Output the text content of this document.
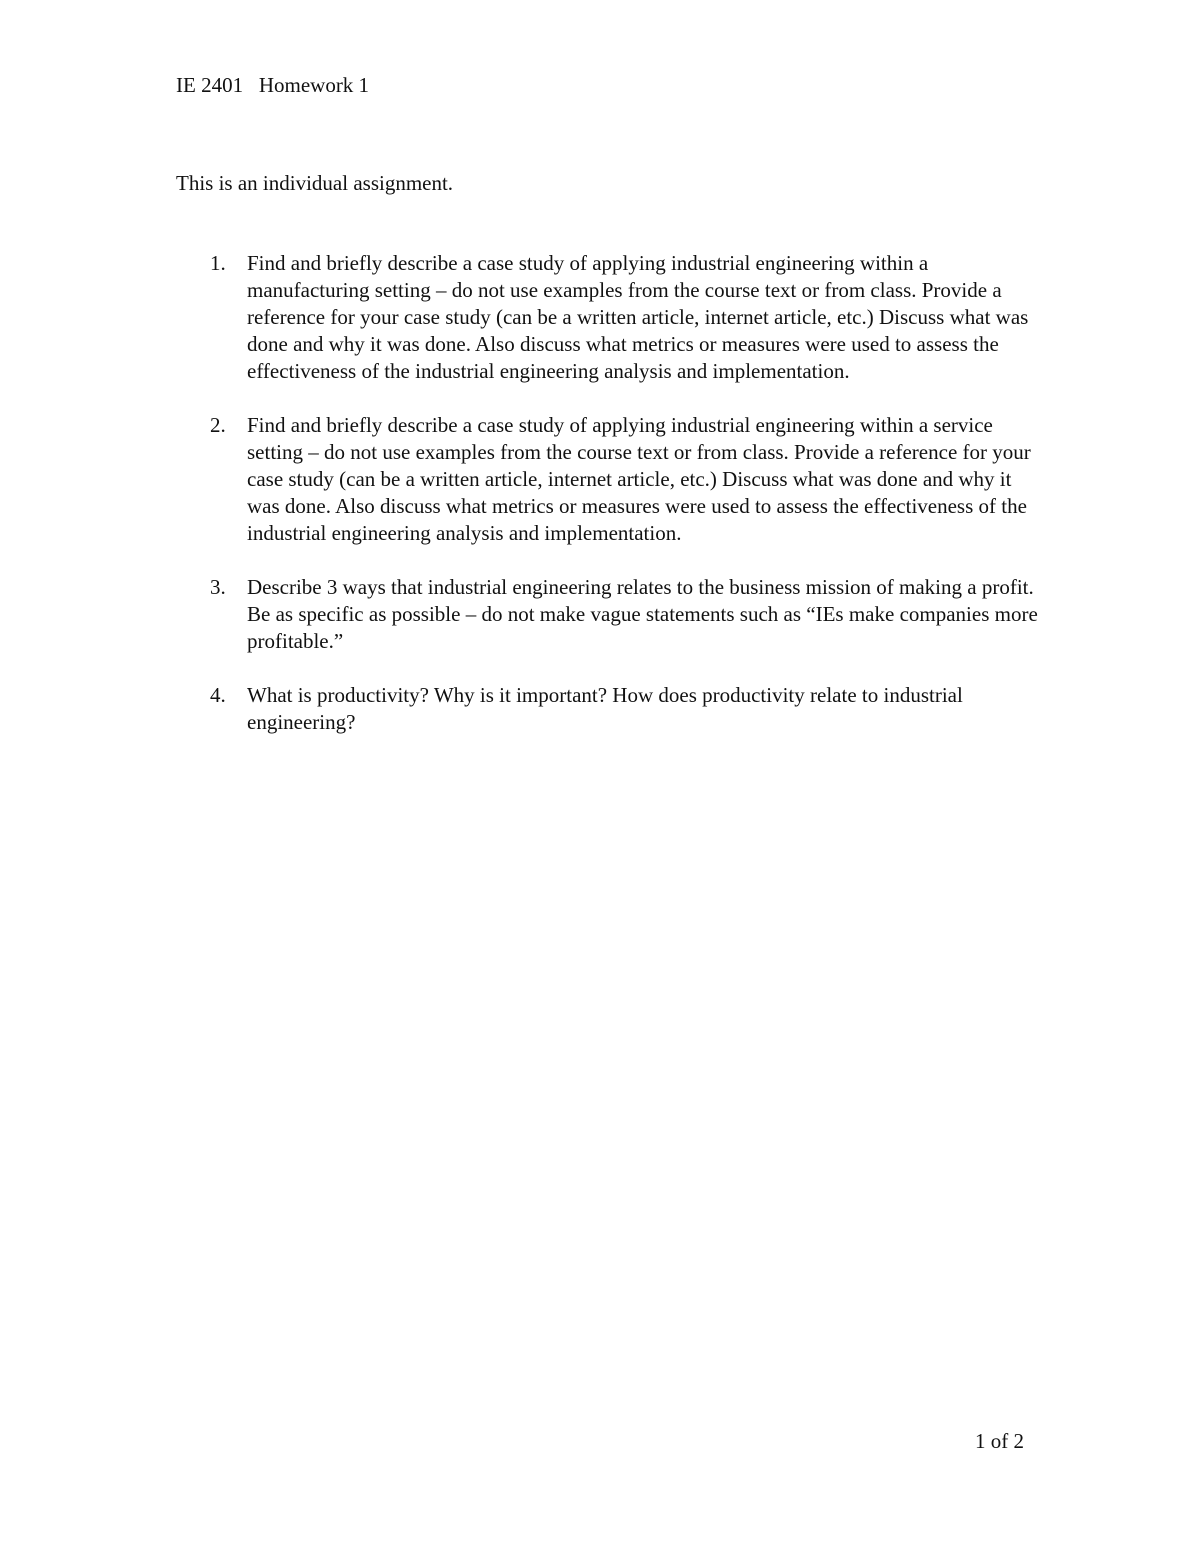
IE 2401 Homework 1
This is an individual assignment.
1. Find and briefly describe a case study of applying industrial engineering within a manufacturing setting – do not use examples from the course text or from class. Provide a reference for your case study (can be a written article, internet article, etc.) Discuss what was done and why it was done. Also discuss what metrics or measures were used to assess the effectiveness of the industrial engineering analysis and implementation.
2. Find and briefly describe a case study of applying industrial engineering within a service setting – do not use examples from the course text or from class. Provide a reference for your case study (can be a written article, internet article, etc.) Discuss what was done and why it was done. Also discuss what metrics or measures were used to assess the effectiveness of the industrial engineering analysis and implementation.
3. Describe 3 ways that industrial engineering relates to the business mission of making a profit. Be as specific as possible – do not make vague statements such as “IEs make companies more profitable.”
4. What is productivity? Why is it important? How does productivity relate to industrial engineering?
1 of 2
